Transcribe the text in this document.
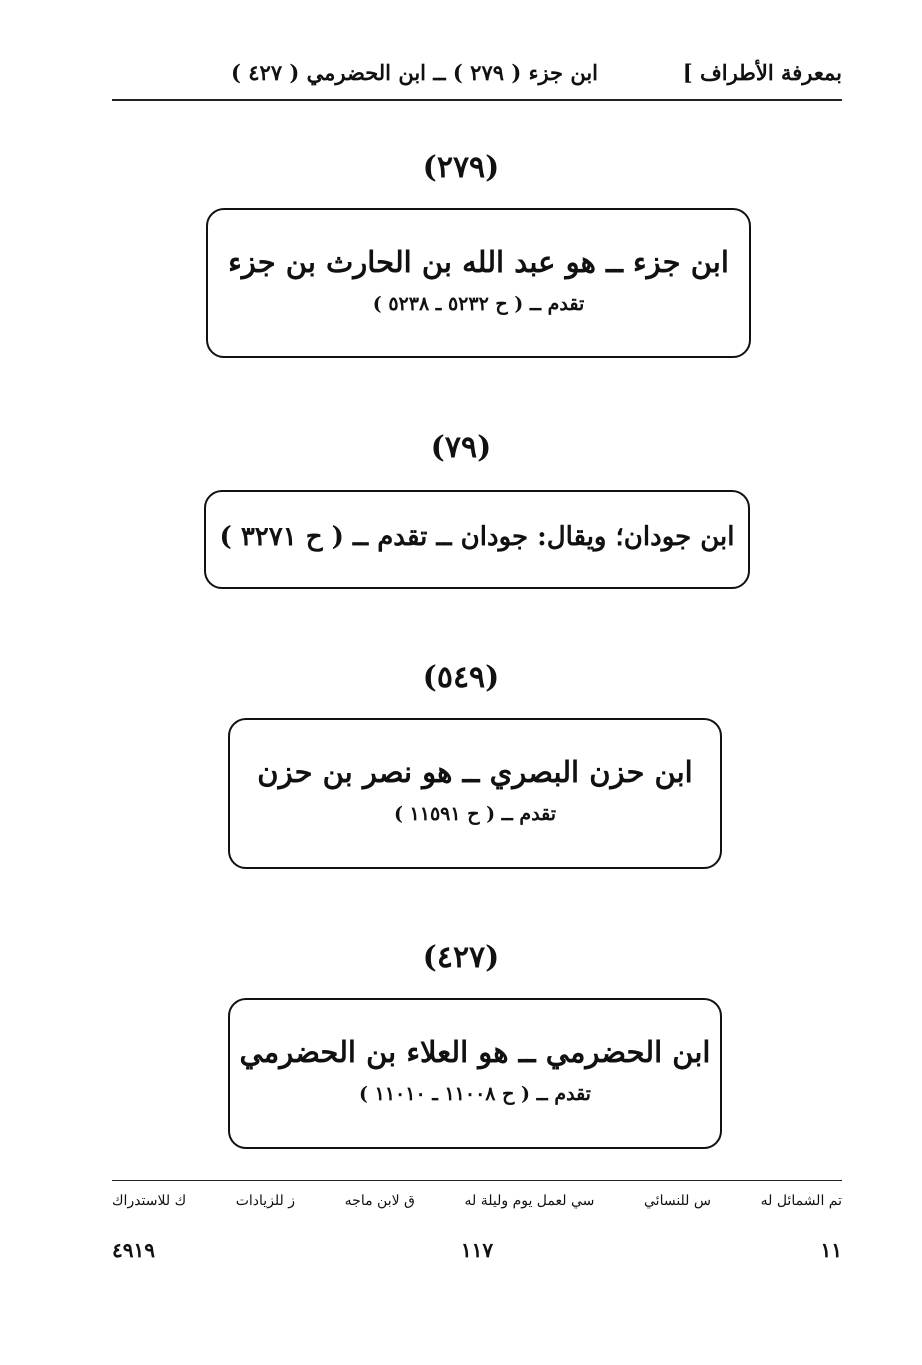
بمعرفة الأطراف ]
ابن جزء ( ٢٧٩ ) ــ ابن الحضرمي ( ٤٢٧ )
(٢٧٩)
ابن جزء ــ هو عبد الله بن الحارث بن جزء
تقدم ــ ( ح ٥٢٣٢ ـ ٥٢٣٨ )
(٧٩)
ابن جودان؛ ويقال: جودان ــ تقدم ــ ( ح ٣٢٧١ )
(٥٤٩)
ابن حزن البصري ــ هو نصر بن حزن
تقدم ــ ( ح ١١٥٩١ )
(٤٢٧)
ابن الحضرمي ــ هو العلاء بن الحضرمي
تقدم ــ ( ح ١١٠٠٨ ـ ١١٠١٠ )
تم الشمائل له
س للنسائي
سي لعمل يوم وليلة له
ق لابن ماجه
ز للزيادات
ك للاستدراك
١١
١١٧
٤٩١٩
